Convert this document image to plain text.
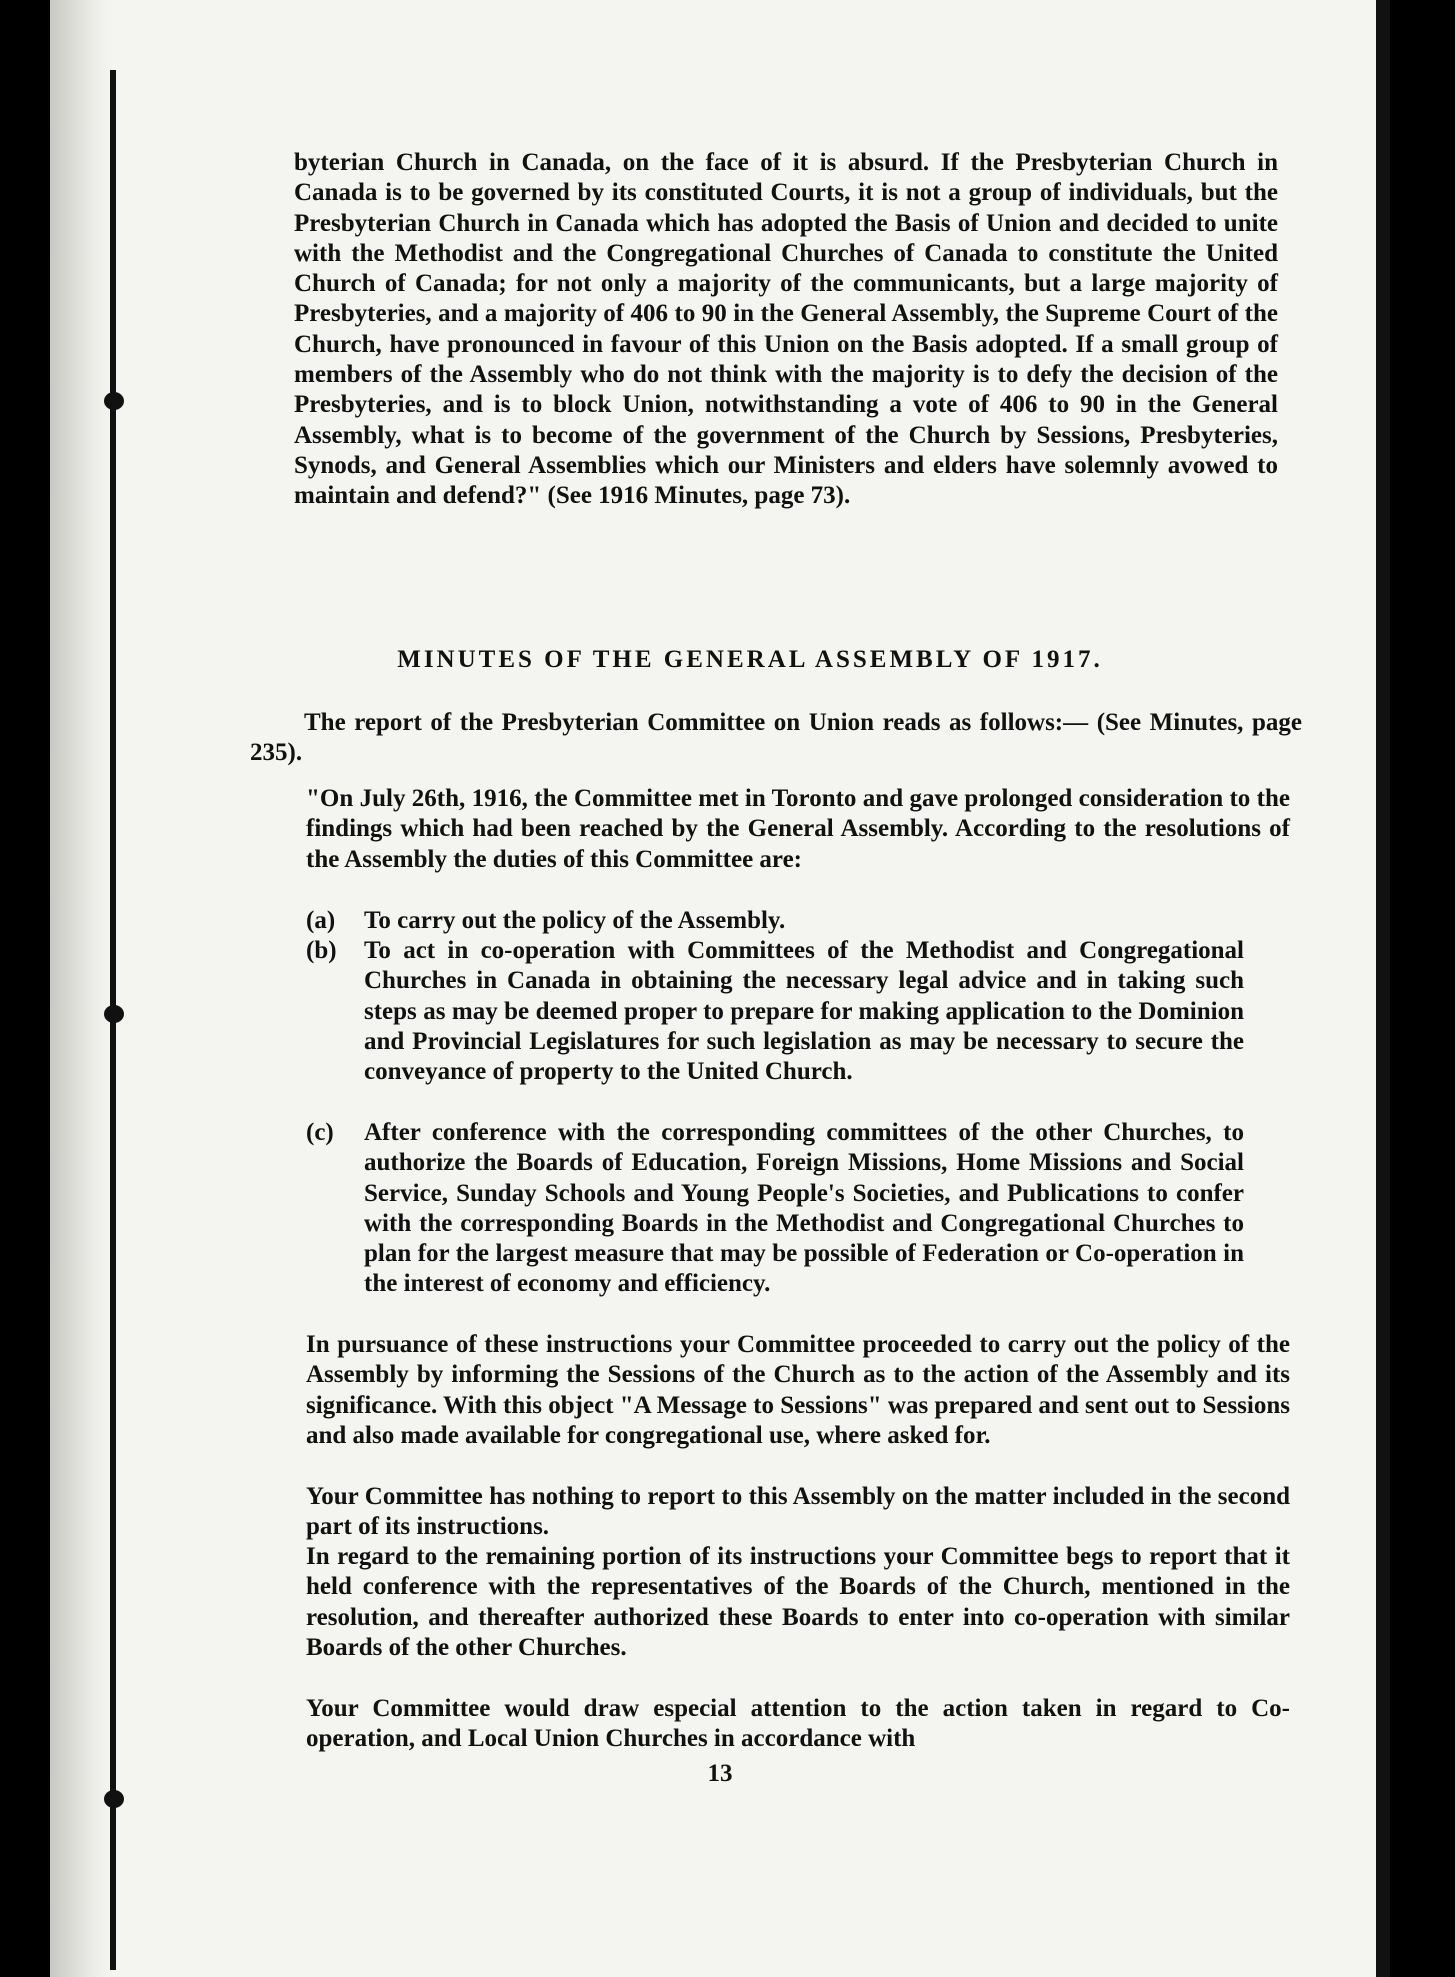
byterian Church in Canada, on the face of it is absurd. If the Presbyterian Church in Canada is to be governed by its constituted Courts, it is not a group of individuals, but the Presbyterian Church in Canada which has adopted the Basis of Union and decided to unite with the Methodist and the Congregational Churches of Canada to constitute the United Church of Canada; for not only a majority of the communicants, but a large majority of Presbyteries, and a majority of 406 to 90 in the General Assembly, the Supreme Court of the Church, have pronounced in favour of this Union on the Basis adopted. If a small group of members of the Assembly who do not think with the majority is to defy the decision of the Presbyteries, and is to block Union, notwithstanding a vote of 406 to 90 in the General Assembly, what is to become of the government of the Church by Sessions, Presbyteries, Synods, and General Assemblies which our Ministers and elders have solemnly avowed to maintain and defend?" (See 1916 Minutes, page 73).
MINUTES OF THE GENERAL ASSEMBLY OF 1917.
The report of the Presbyterian Committee on Union reads as follows:— (See Minutes, page 235).
"On July 26th, 1916, the Committee met in Toronto and gave prolonged consideration to the findings which had been reached by the General Assembly. According to the resolutions of the Assembly the duties of this Committee are:
(a) To carry out the policy of the Assembly.
(b) To act in co-operation with Committees of the Methodist and Congregational Churches in Canada in obtaining the necessary legal advice and in taking such steps as may be deemed proper to prepare for making application to the Dominion and Provincial Legislatures for such legislation as may be necessary to secure the conveyance of property to the United Church.
(c) After conference with the corresponding committees of the other Churches, to authorize the Boards of Education, Foreign Missions, Home Missions and Social Service, Sunday Schools and Young People's Societies, and Publications to confer with the corresponding Boards in the Methodist and Congregational Churches to plan for the largest measure that may be possible of Federation or Co-operation in the interest of economy and efficiency.
In pursuance of these instructions your Committee proceeded to carry out the policy of the Assembly by informing the Sessions of the Church as to the action of the Assembly and its significance. With this object "A Message to Sessions" was prepared and sent out to Sessions and also made available for congregational use, where asked for.
Your Committee has nothing to report to this Assembly on the matter included in the second part of its instructions.
In regard to the remaining portion of its instructions your Committee begs to report that it held conference with the representatives of the Boards of the Church, mentioned in the resolution, and thereafter authorized these Boards to enter into co-operation with similar Boards of the other Churches.
Your Committee would draw especial attention to the action taken in regard to Co-operation, and Local Union Churches in accordance with
13
